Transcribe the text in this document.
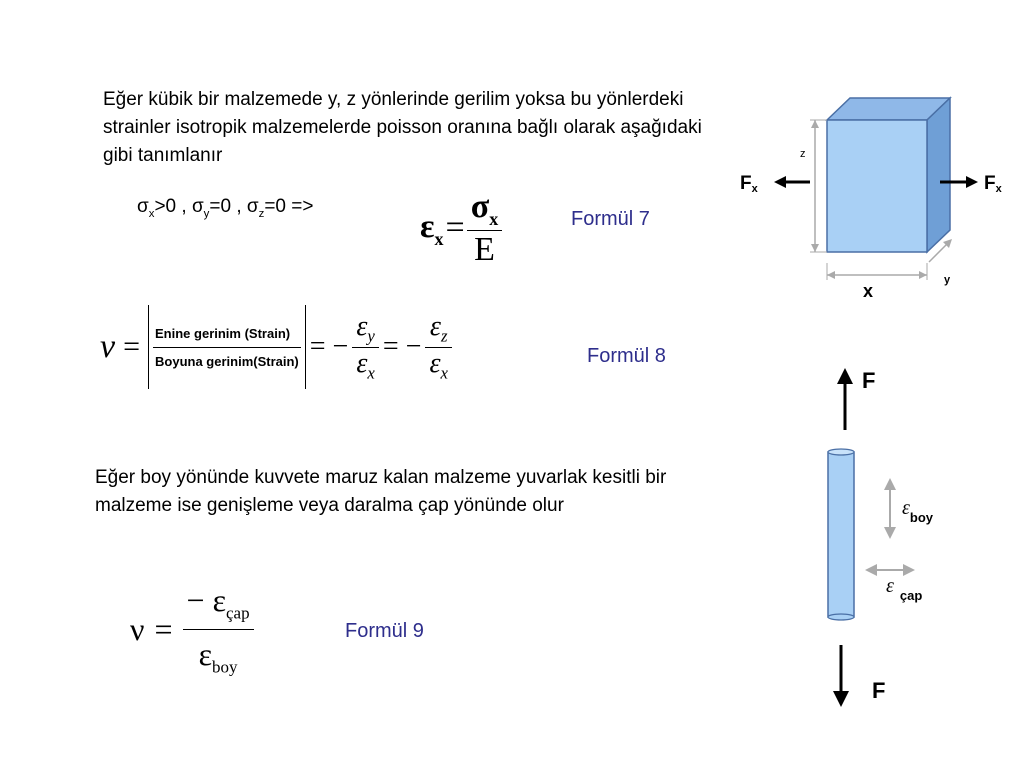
Eğer kübik bir malzemede y, z yönlerinde gerilim yoksa bu yönlerdeki strainler isotropik malzemelerde poisson oranına bağlı olarak aşağıdaki gibi tanımlanır
$\sigma_x>0$ , $\sigma_y=0$ , $\sigma_z=0$ =>
$\varepsilon_x = \frac{\sigma_x}{E}$	Formül 7
ν = Enine gerinim (Strain)
Boyuna gerinim(Strain) = − $\frac{\varepsilon_y}{\varepsilon_x}$ = − $\frac{\varepsilon_z}{\varepsilon_x}$	Formül 8
Eğer boy yönünde kuvvete maruz kalan malzeme yuvarlak kesitli bir malzeme ise genişleme veya daralma çap yönünde olur
$\nu = \frac{- \varepsilon_{çap}}{\varepsilon_{boy}}$	Formül 9
Fx	Fx
z
x
y
F
F
$\varepsilon_{boy}$
ε $_{çap}$
